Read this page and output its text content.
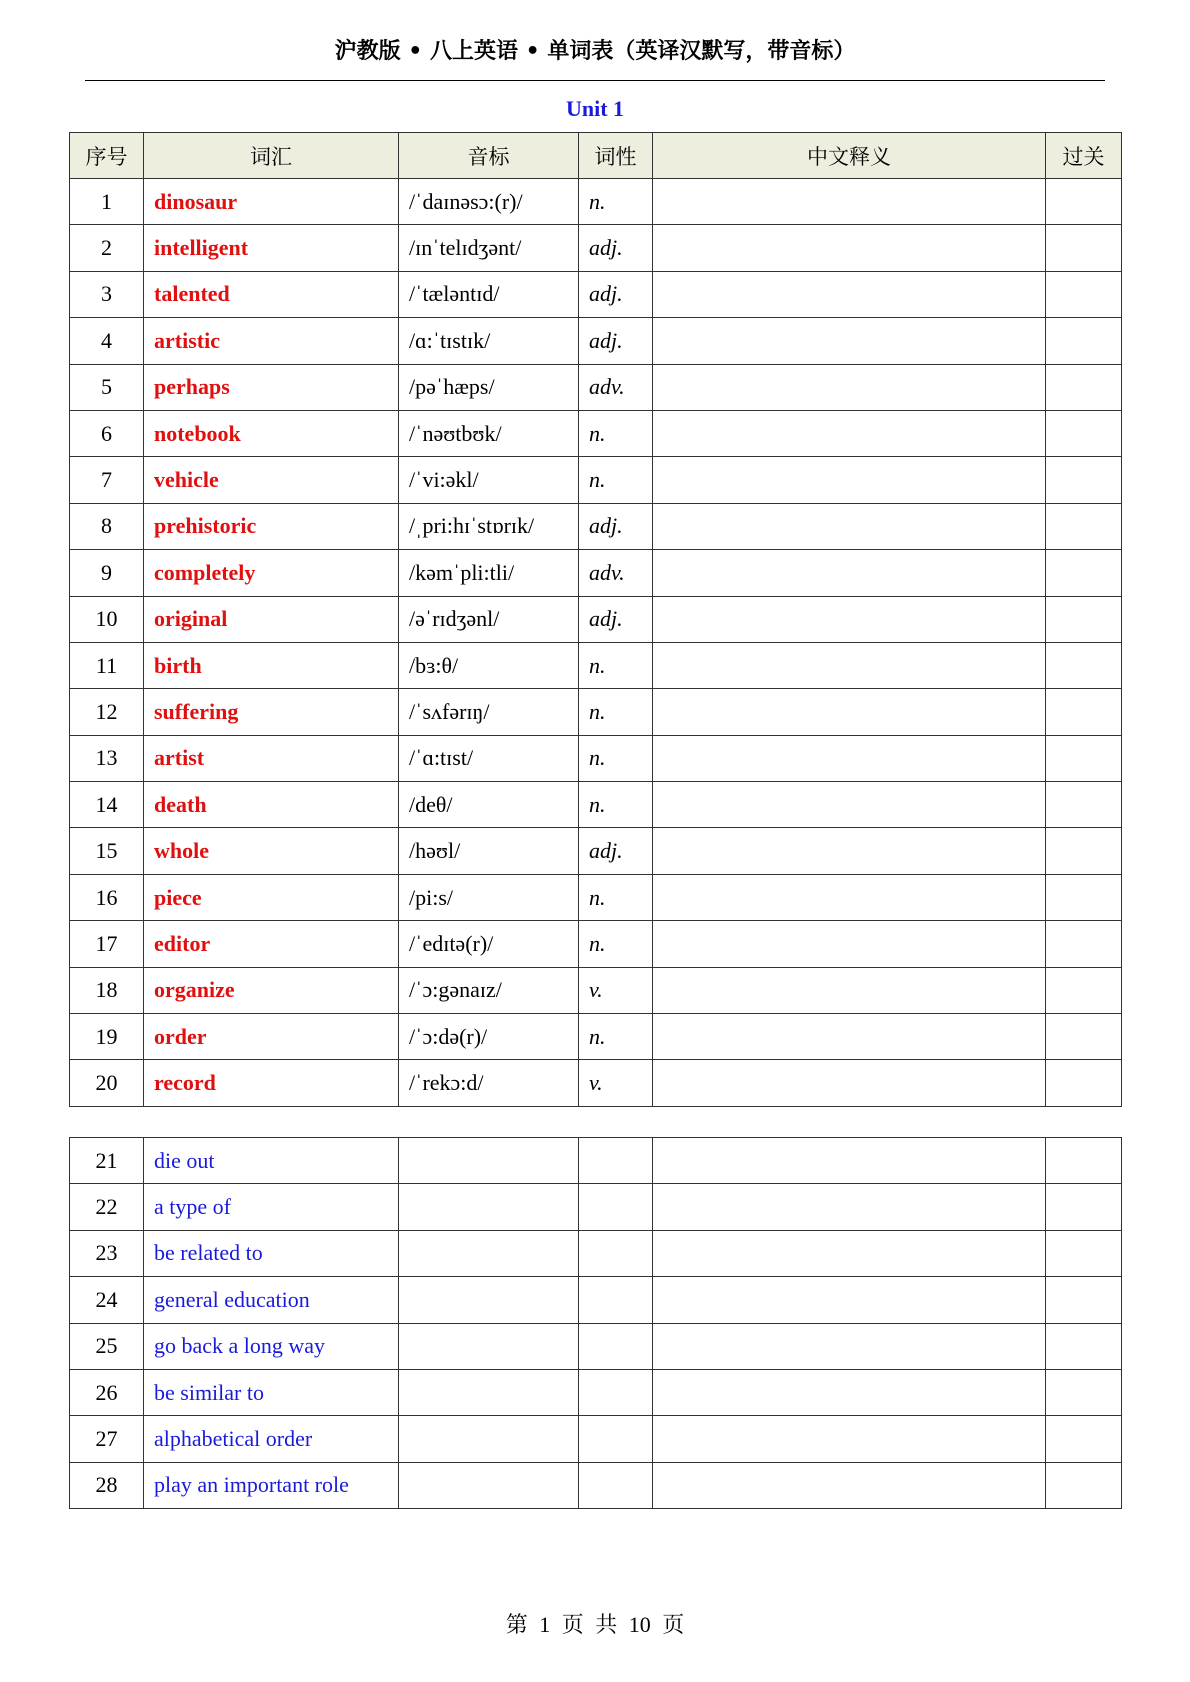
沪教版 • 八上英语 • 单词表（英译汉默写，带音标）
Unit 1
序号	词汇	音标	词性	中文释义	过关
1	dinosaur	/ˈdaɪnəsɔ:(r)/	n.		
2	intelligent	/ɪnˈtelɪdʒənt/	adj.		
3	talented	/ˈtæləntɪd/	adj.		
4	artistic	/ɑ:ˈtɪstɪk/	adj.		
5	perhaps	/pəˈhæps/	adv.		
6	notebook	/ˈnəʊtbʊk/	n.		
7	vehicle	/ˈvi:əkl/	n.		
8	prehistoric	/ˌpri:hɪˈstɒrɪk/	adj.		
9	completely	/kəmˈpli:tli/	adv.		
10	original	/əˈrɪdʒənl/	adj.		
11	birth	/bɜ:θ/	n.		
12	suffering	/ˈsʌfərɪŋ/	n.		
13	artist	/ˈɑ:tɪst/	n.		
14	death	/deθ/	n.		
15	whole	/həʊl/	adj.		
16	piece	/pi:s/	n.		
17	editor	/ˈedɪtə(r)/	n.		
18	organize	/ˈɔ:gənaɪz/	v.		
19	order	/ˈɔ:də(r)/	n.		
20	record	/ˈrekɔ:d/	v.		
21	die out				
22	a type of				
23	be related to				
24	general education				
25	go back a long way				
26	be similar to				
27	alphabetical order				
28	play an important role				
第 1 页 共 10 页
